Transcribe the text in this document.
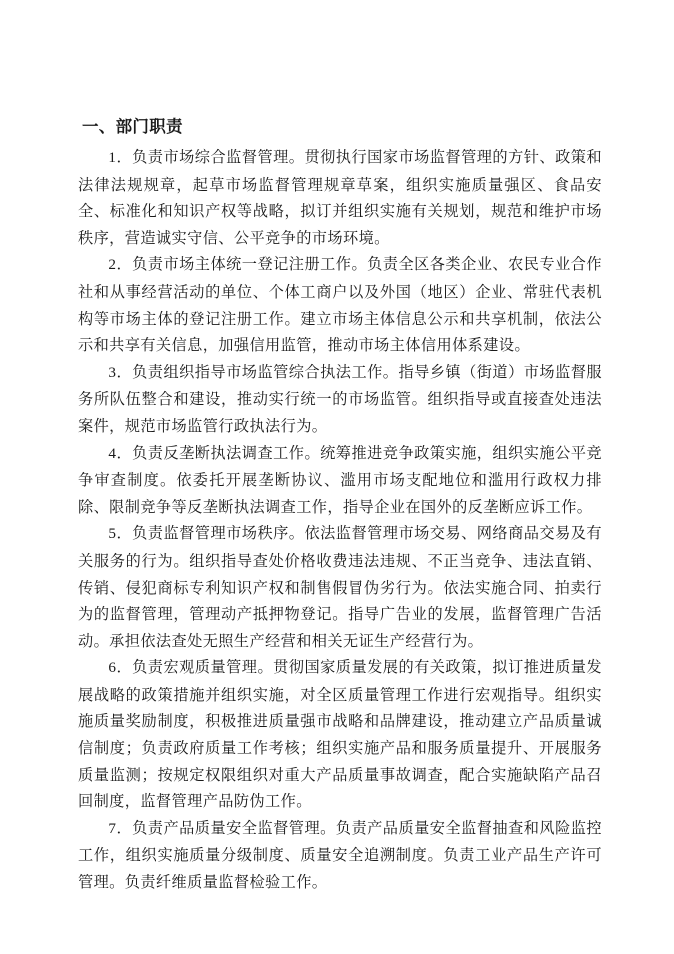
一、部门职责

1．负责市场综合监督管理。贯彻执行国家市场监督管理的方针、政策和法律法规规章，起草市场监督管理规章草案，组织实施质量强区、食品安全、标准化和知识产权等战略，拟订并组织实施有关规划，规范和维护市场秩序，营造诚实守信、公平竞争的市场环境。

2．负责市场主体统一登记注册工作。负责全区各类企业、农民专业合作社和从事经营活动的单位、个体工商户以及外国（地区）企业、常驻代表机构等市场主体的登记注册工作。建立市场主体信息公示和共享机制，依法公示和共享有关信息，加强信用监管，推动市场主体信用体系建设。

3．负责组织指导市场监管综合执法工作。指导乡镇（街道）市场监督服务所队伍整合和建设，推动实行统一的市场监管。组织指导或直接查处违法案件，规范市场监管行政执法行为。

4．负责反垄断执法调查工作。统筹推进竞争政策实施，组织实施公平竞争审查制度。依委托开展垄断协议、滥用市场支配地位和滥用行政权力排除、限制竞争等反垄断执法调查工作，指导企业在国外的反垄断应诉工作。

5．负责监督管理市场秩序。依法监督管理市场交易、网络商品交易及有关服务的行为。组织指导查处价格收费违法违规、不正当竞争、违法直销、传销、侵犯商标专利知识产权和制售假冒伪劣行为。依法实施合同、拍卖行为的监督管理，管理动产抵押物登记。指导广告业的发展，监督管理广告活动。承担依法查处无照生产经营和相关无证生产经营行为。

6．负责宏观质量管理。贯彻国家质量发展的有关政策，拟订推进质量发展战略的政策措施并组织实施，对全区质量管理工作进行宏观指导。组织实施质量奖励制度，积极推进质量强市战略和品牌建设，推动建立产品质量诚信制度；负责政府质量工作考核；组织实施产品和服务质量提升、开展服务质量监测；按规定权限组织对重大产品质量事故调查，配合实施缺陷产品召回制度，监督管理产品防伪工作。

7．负责产品质量安全监督管理。负责产品质量安全监督抽查和风险监控工作，组织实施质量分级制度、质量安全追溯制度。负责工业产品生产许可管理。负责纤维质量监督检验工作。
